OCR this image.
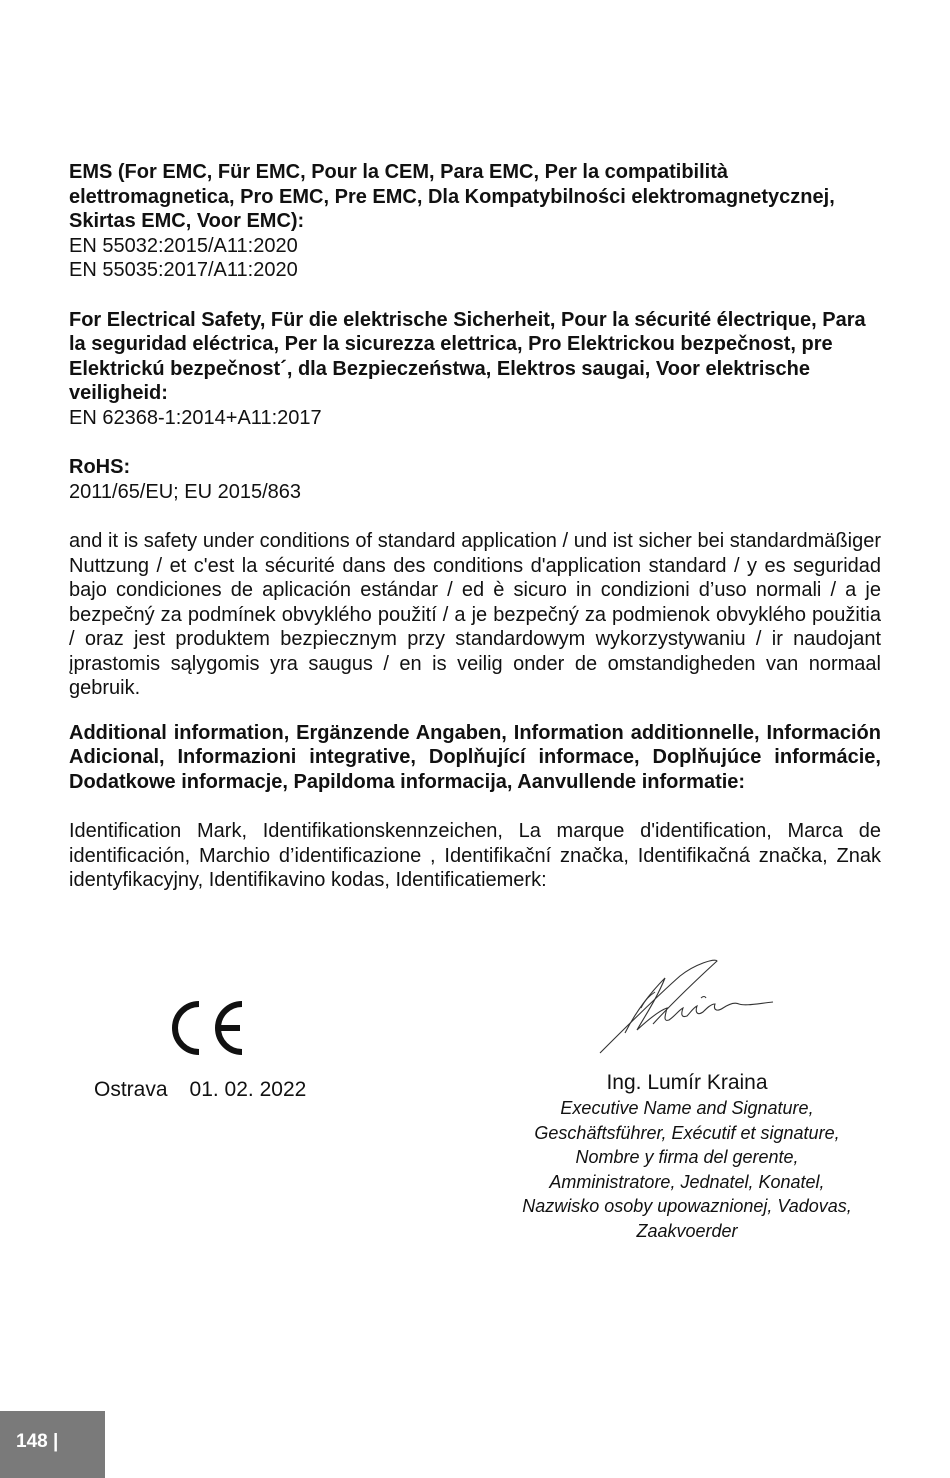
EMS (For EMC, Für EMC, Pour la CEM, Para EMC, Per la compatibilità elettromagnetica, Pro EMC, Pre EMC, Dla Kompatybilności elektromagnetycznej, Skirtas EMC, Voor EMC):

EN 55032:2015/A11:2020
EN 55035:2017/A11:2020

For Electrical Safety, Für die elektrische Sicherheit, Pour la sécurité électrique, Para la seguridad eléctrica, Per la sicurezza elettrica, Pro Elektrickou bezpečnost, pre Elektrickú bezpečnost´, dla Bezpieczeństwa, Elektros saugai, Voor elektrische veiligheid:

EN 62368-1:2014+A11:2017

RoHS:

2011/65/EU; EU 2015/863

and it is safety under conditions of standard application / und ist sicher bei standardmäßiger Nuttzung / et c'est la sécurité dans des conditions d'application standard / y es seguridad bajo condiciones de aplicación estándar / ed è sicuro in condizioni d’uso normali / a je bezpečný za podmínek obvyklého použití / a je bezpečný za podmienok obvyklého použitia / oraz jest produktem bezpiecznym przy standardowym wykorzystywaniu / ir naudojant įprastomis sąlygomis yra saugus / en is veilig onder de omstandigheden van normaal gebruik.

Additional information, Ergänzende Angaben, Information additionnelle, Información Adicional, Informazioni integrative, Doplňující informace, Doplňujúce informácie, Dodatkowe informacje, Papildoma informacija, Aanvullende informatie:

Identification Mark, Identifikationskennzeichen, La marque d'identification, Marca de identificación, Marchio d’identificazione , Identifikační značka, Identifikačná značka, Znak identyfikacyjny, Identifikavino kodas, Identificatiemerk:

Ostrava 01. 02. 2022	Ing. Lumír Kraina
Executive Name and Signature, Geschäftsführer, Exécutif et signature, Nombre y firma del gerente, Amministratore, Jednatel, Konatel, Nazwisko osoby upowaznionej, Vadovas, Zaakvoerder
148 |
